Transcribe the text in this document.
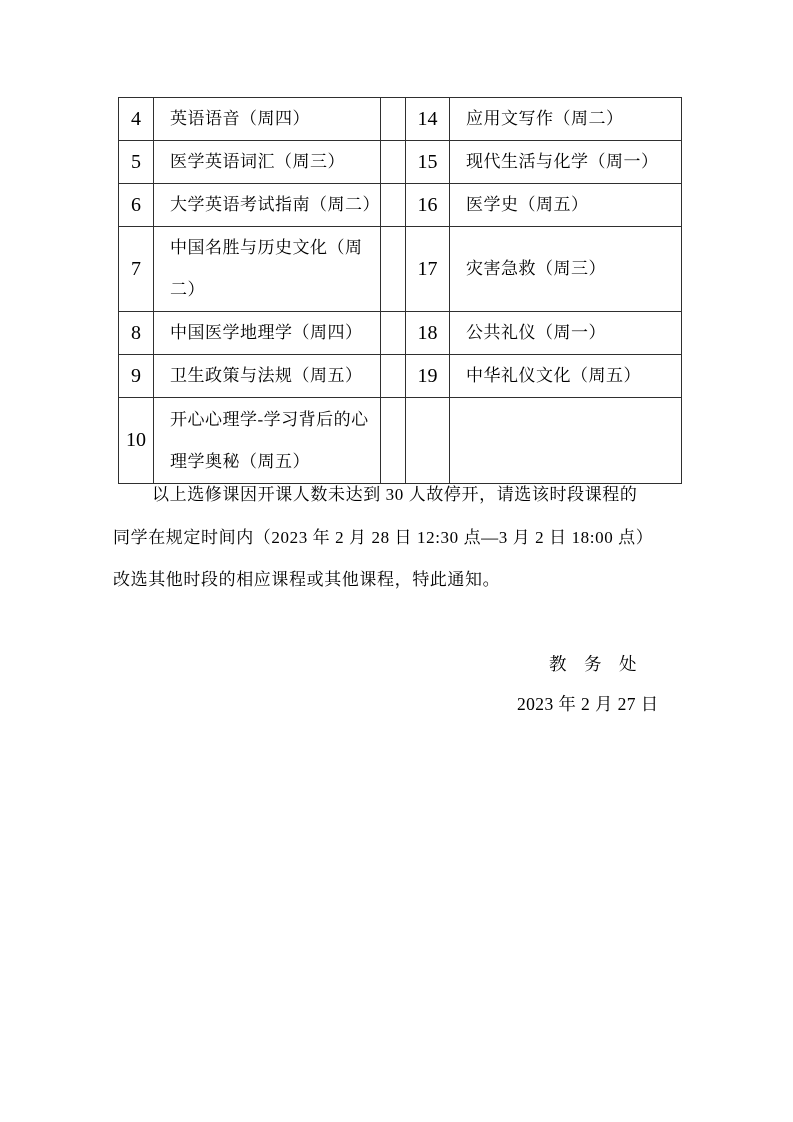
4	英语语音（周四）		14	应用文写作（周二）
5	医学英语词汇（周三）		15	现代生活与化学（周一）
6	大学英语考试指南（周二）		16	医学史（周五）
7	中国名胜与历史文化（周二）		17	灾害急救（周三）
8	中国医学地理学（周四）		18	公共礼仪（周一）
9	卫生政策与法规（周五）		19	中华礼仪文化（周五）
10	开心心理学-学习背后的心理学奥秘（周五）			
以上选修课因开课人数未达到 30 人故停开，请选该时段课程的
同学在规定时间内（2023 年 2 月 28 日 12:30 点—3 月 2 日 18:00 点）
改选其他时段的相应课程或其他课程，特此通知。
教　务　处
2023 年 2 月 27 日
